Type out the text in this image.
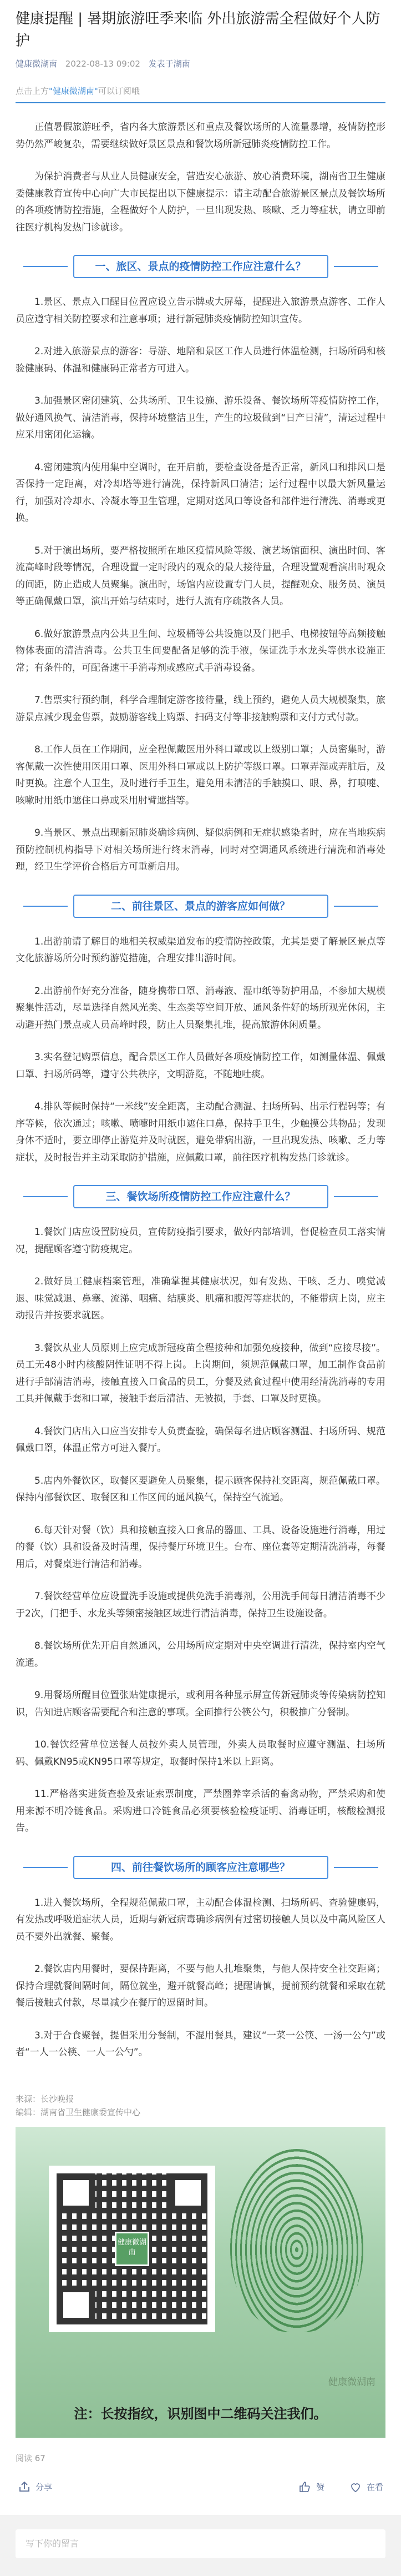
健康提醒 | 暑期旅游旺季来临 外出旅游需全程做好个人防护
健康微湖南 2022-08-13 09:02 发表于湖南
点击上方"健康微湖南"可以订阅哦

正值暑假旅游旺季，省内各大旅游景区和重点及餐饮场所的人流量暴增，疫情防控形势仍然严峻复杂，需要继续做好景区景点和餐饮场所新冠肺炎疫情防控工作。

为保护消费者与从业人员健康安全，营造安心旅游、放心消费环境，湖南省卫生健康委健康教育宣传中心向广大市民提出以下健康提示：请主动配合旅游景区景点及餐饮场所的各项疫情防控措施，全程做好个人防护，一旦出现发热、咳嗽、乏力等症状，请立即前往医疗机构发热门诊就诊。

一、旅区、景点的疫情防控工作应注意什么？

1.景区、景点入口醒目位置应设立告示牌或大屏幕，提醒进入旅游景点游客、工作人员应遵守相关防控要求和注意事项；进行新冠肺炎疫情防控知识宣传。

2.对进入旅游景点的游客：导游、地陪和景区工作人员进行体温检测，扫场所码和核验健康码、体温和健康码正常者方可进入。

3.加强景区密闭建筑、公共场所、卫生设施、游乐设备、餐饮场所等疫情防控工作，做好通风换气、清洁消毒，保持环境整洁卫生，产生的垃圾做到“日产日清”，清运过程中应采用密闭化运输。

4.密闭建筑内使用集中空调时，在开启前，要检查设备是否正常，新风口和排风口是否保持一定距离，对冷却塔等进行清洗，保持新风口清洁；运行过程中以最大新风量运行，加强对冷却水、冷凝水等卫生管理，定期对送风口等设备和部件进行清洗、消毒或更换。

5.对于演出场所，要严格按照所在地区疫情风险等级、演艺场馆面积、演出时间、客流高峰时段等情况，合理设置一定时段内的观众的最大接待量，合理设置观看演出时观众的间距，防止造成人员聚集。演出时，场馆内应设置专门人员，提醒观众、服务员、演员等正确佩戴口罩，演出开始与结束时，进行人流有序疏散各人员。

6.做好旅游景点内公共卫生间、垃圾桶等公共设施以及门把手、电梯按钮等高频接触物体表面的清洁消毒。公共卫生间要配备足够的洗手液，保证洗手水龙头等供水设施正常；有条件的，可配备速干手消毒剂或感应式手消毒设备。

7.售票实行预约制，科学合理制定游客接待量，线上预约，避免人员大规模聚集，旅游景点减少现金售票，鼓励游客线上购票、扫码支付等非接触购票和支付方式付款。

8.工作人员在工作期间，应全程佩戴医用外科口罩或以上级别口罩；人员密集时，游客佩戴一次性使用医用口罩、医用外科口罩或以上防护等级口罩。口罩弄湿或弄脏后，及时更换。注意个人卫生，及时进行手卫生，避免用未清洁的手触摸口、眼、鼻，打喷嚏、咳嗽时用纸巾遮住口鼻或采用肘臂遮挡等。

9.当景区、景点出现新冠肺炎确诊病例、疑似病例和无症状感染者时，应在当地疾病预防控制机构指导下对相关场所进行终末消毒，同时对空调通风系统进行清洗和消毒处理，经卫生学评价合格后方可重新启用。

二、前往景区、景点的游客应如何做？

1.出游前请了解目的地相关权威渠道发布的疫情防控政策，尤其是要了解景区景点等文化旅游场所分时预约游览措施，合理安排出游时间。

2.出游前作好充分准备，随身携带口罩、消毒液、湿巾纸等防护用品，不参加大规模聚集性活动，尽量选择自然风光类、生态类等空间开放、通风条件好的场所观光休闲，主动避开热门景点或人员高峰时段，防止人员聚集扎堆，提高旅游休闲质量。

3.实名登记购票信息，配合景区工作人员做好各项疫情防控工作，如测量体温、佩戴口罩、扫场所码等，遵守公共秩序，文明游览，不随地吐痰。

4.排队等候时保持“一米线”安全距离，主动配合测温、扫场所码、出示行程码等；有序等候，依次通过；咳嗽、喷嚏时用纸巾遮住口鼻，保持手卫生，少触摸公共物品；发现身体不适时，要立即停止游览并及时就医，避免带病出游，一旦出现发热、咳嗽、乏力等症状，及时报告并主动采取防护措施，应佩戴口罩，前往医疗机构发热门诊就诊。

三、餐饮场所疫情防控工作应注意什么？

1.餐饮门店应设置防疫员，宣传防疫指引要求，做好内部培训，督促检查员工落实情况，提醒顾客遵守防疫规定。

2.做好员工健康档案管理，准确掌握其健康状况，如有发热、干咳、乏力、嗅觉减退、味觉减退、鼻塞、流涕、咽痛、结膜炎、肌痛和腹泻等症状的，不能带病上岗，应主动报告并按要求就医。

3.餐饮从业人员原则上应完成新冠疫苗全程接种和加强免疫接种，做到“应接尽接”。员工无48小时内核酸阴性证明不得上岗。上岗期间，须规范佩戴口罩，加工制作食品前进行手部清洁消毒，接触直接入口食品的员工，分餐及熟食过程中使用经清洗消毒的专用工具并佩戴手套和口罩，接触手套后清洁、无被损，手套、口罩及时更换。

4.餐饮门店出入口应当安排专人负责查验，确保每名进店顾客测温、扫场所码、规范佩戴口罩，体温正常方可进入餐厅。

5.店内外餐饮区，取餐区要避免人员聚集，提示顾客保持社交距离，规范佩戴口罩。保持内部餐饮区、取餐区和工作区间的通风换气，保持空气流通。

6.每天针对餐（饮）具和接触直接入口食品的器皿、工具、设备设施进行消毒，用过的餐（饮）具和设备及时清理，保持餐厅环境卫生。台布、座位套等定期清洗消毒，每餐用后，对餐桌进行清洁和消毒。

7.餐饮经营单位应设置洗手设施或提供免洗手消毒剂，公用洗手间每日清洁消毒不少于2次，门把手、水龙头等频密接触区域进行清洁消毒，保持卫生设施设备。

8.餐饮场所优先开启自然通风，公用场所应定期对中央空调进行清洗，保持室内空气流通。

9.用餐场所醒目位置张贴健康提示，或利用各种显示屏宣传新冠肺炎等传染病防控知识，告知进店顾客需要配合和注意的事项。全面推行公筷公勺，积极推广分餐制。

10.餐饮经营单位送餐人员按外卖人员管理，外卖人员取餐时应遵守测温、扫场所码、佩戴KN95或KN95口罩等规定，取餐时保持1米以上距离。

11.严格落实进货查验及索证索票制度，严禁圈养宰杀活的畜禽动物，严禁采购和使用来源不明冷链食品。采购进口冷链食品必须要核验检疫证明、消毒证明，核酸检测报告。

四、前往餐饮场所的顾客应注意哪些？

1.进入餐饮场所，全程规范佩戴口罩，主动配合体温检测、扫场所码、查验健康码，有发热或呼吸道症状人员，近期与新冠病毒确诊病例有过密切接触人员以及中高风险区人员不要外出就餐、聚餐。

2.餐饮店内用餐时，要保持距离，不要与他人扎堆聚集，与他人保持安全社交距离；保持合理就餐间隔时间，隔位就坐，避开就餐高峰；提醒请慎，提前预约就餐和采取在就餐后接触式付款，尽量减少在餐厅的逗留时间。

3.对于合食聚餐，提倡采用分餐制，不混用餐具，建议“一菜一公筷、一汤一公勺”或者“一人一公筷、一人一公勺”。

来源：长沙晚报
编辑：湖南省卫生健康委宣传中心
健康微湖南
健康微湖南
注：长按指纹，识别图中二维码关注我们。
阅读 67
分享	赞	在看
写下你的留言
